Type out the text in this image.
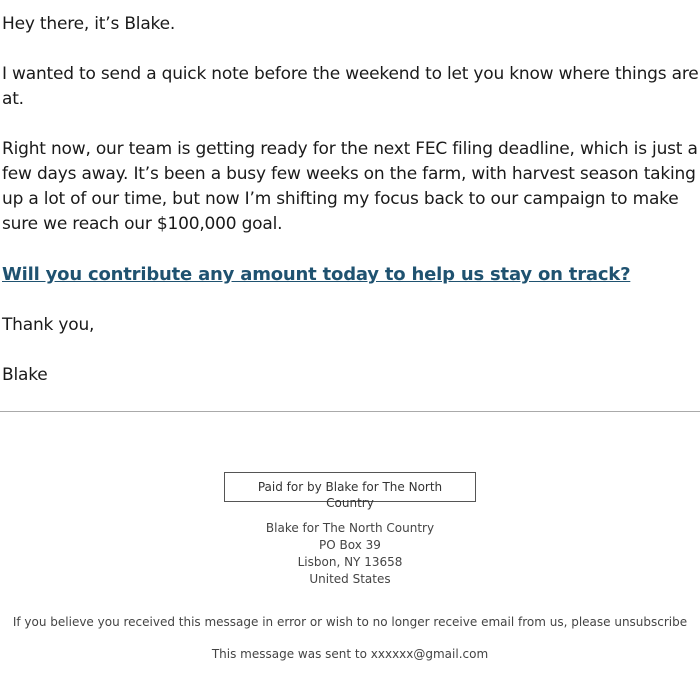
Hey there, it’s Blake.

I wanted to send a quick note before the weekend to let you know where things are at.

Right now, our team is getting ready for the next FEC filing deadline, which is just a few days away. It’s been a busy few weeks on the farm, with harvest season taking up a lot of our time, but now I’m shifting my focus back to our campaign to make sure we reach our $100,000 goal.

Will you contribute any amount today to help us stay on track?

Thank you,

Blake

Paid for by Blake for The North Country
Blake for The North Country
PO Box 39
Lisbon, NY 13658
United States
If you believe you received this message in error or wish to no longer receive email from us, please unsubscribe
This message was sent to xxxxxx@gmail.com
